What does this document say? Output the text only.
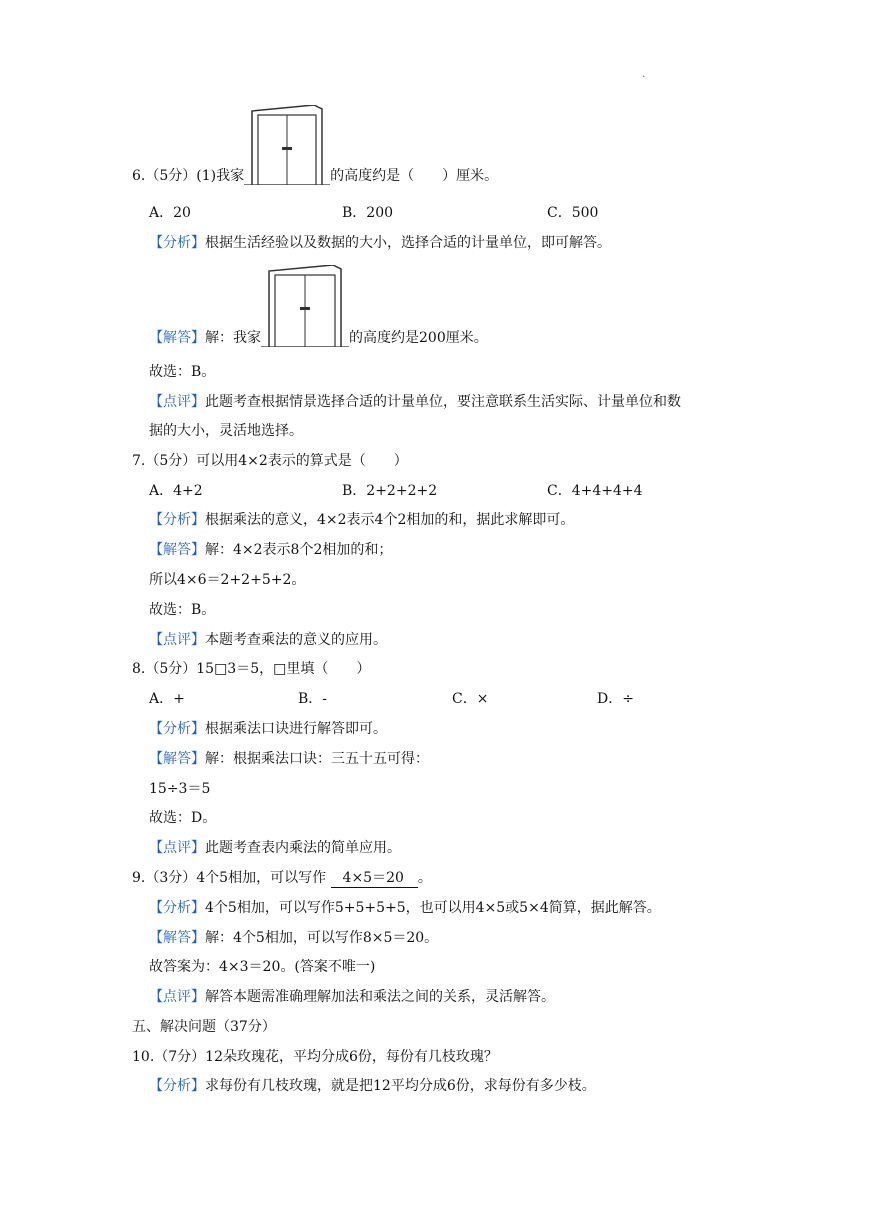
·
6.（5分）(1)我家	的高度约是（　　）厘米。
A．20	B．200	C．500
【分析】根据生活经验以及数据的大小，选择合适的计量单位，即可解答。
【解答】解：我家	的高度约是200厘米。
故选：B。
【点评】此题考查根据情景选择合适的计量单位，要注意联系生活实际、计量单位和数
据的大小，灵活地选择。
7.（5分）可以用4×2表示的算式是（　　）
A．4+2	B．2+2+2+2	C．4+4+4+4
【分析】根据乘法的意义，4×2表示4个2相加的和，据此求解即可。
【解答】解：4×2表示8个2相加的和；
所以4×6＝2+2+5+2。
故选：B。
【点评】本题考查乘法的意义的应用。
8.（5分）15□3＝5，□里填（　　）
A．+	B．-	C．×	D．÷
【分析】根据乘法口诀进行解答即可。
【解答】解：根据乘法口诀：三五十五可得：
15÷3＝5
故选：D。
【点评】此题考查表内乘法的简单应用。
9.（3分）4个5相加，可以写作 4×5＝20 。
【分析】4个5相加，可以写作5+5+5+5，也可以用4×5或5×4简算，据此解答。
【解答】解：4个5相加，可以写作8×5＝20。
故答案为：4×3＝20。(答案不唯一)
【点评】解答本题需准确理解加法和乘法之间的关系，灵活解答。
五、解决问题（37分）
10.（7分）12朵玫瑰花，平均分成6份，每份有几枝玫瑰？
【分析】求每份有几枝玫瑰，就是把12平均分成6份，求每份有多少枝。
